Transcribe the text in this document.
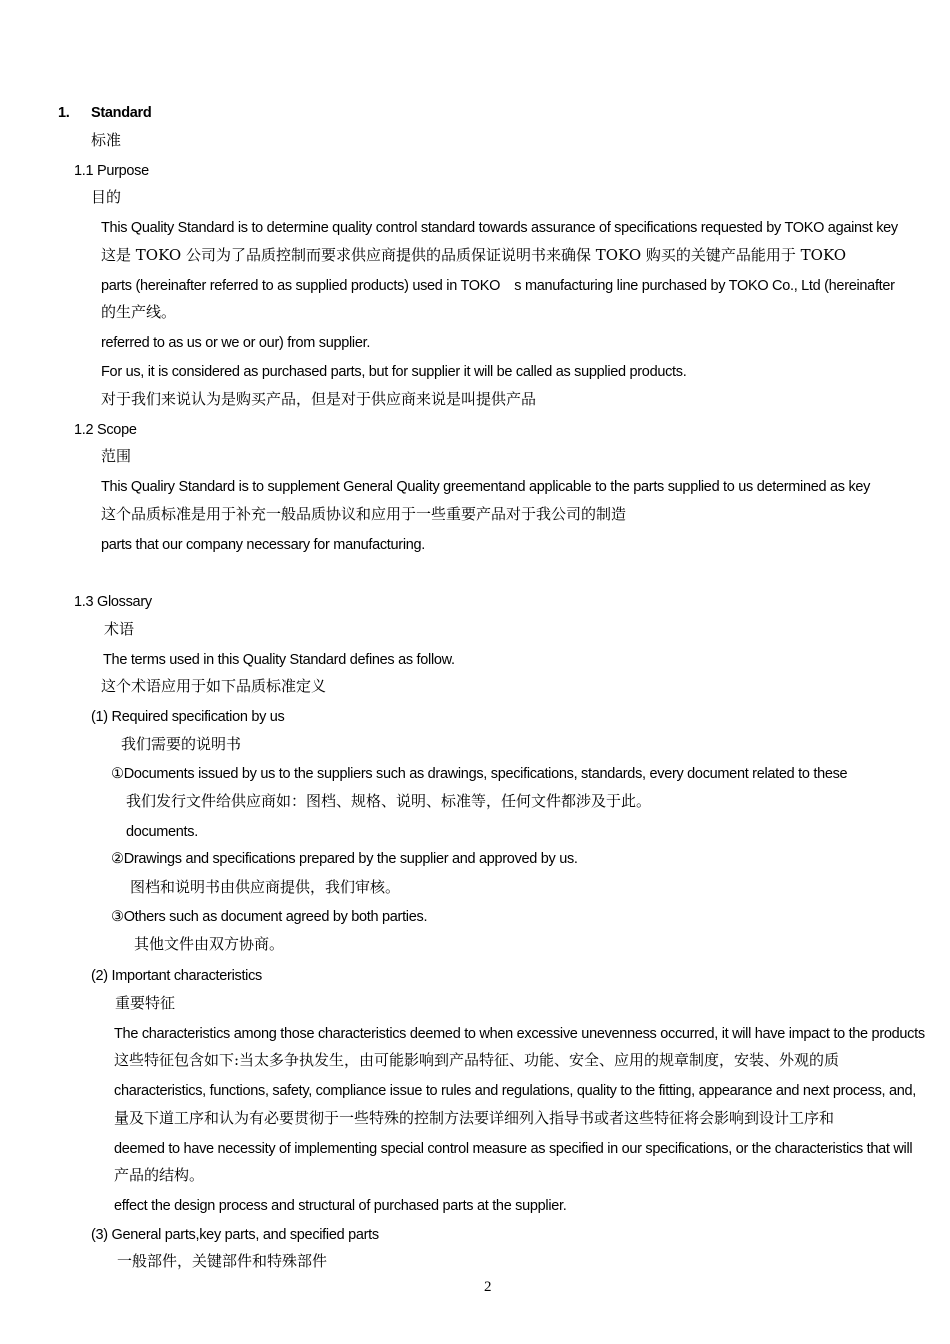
1. Standard
标准
1.1 Purpose
目的
This Quality Standard is to determine quality control standard towards assurance of specifications requested by TOKO against key
这是 TOKO 公司为了品质控制而要求供应商提供的品质保证说明书来确保 TOKO 购买的关键产品能用于 TOKO
parts (hereinafter referred to as supplied products) used in TOKO　s manufacturing line purchased by TOKO Co., Ltd (hereinafter
的生产线。
referred to as us or we or our) from supplier.
For us, it is considered as purchased parts, but for supplier it will be called as supplied products.
对于我们来说认为是购买产品，但是对于供应商来说是叫提供产品
1.2 Scope
范围
This Qualiry Standard is to supplement General Quality greementand applicable to the parts supplied to us determined as key
这个品质标准是用于补充一般品质协议和应用于一些重要产品对于我公司的制造
parts that our company necessary for manufacturing.
1.3 Glossary
术语
The terms used in this Quality Standard defines as follow.
这个术语应用于如下品质标准定义
(1) Required specification by us
我们需要的说明书
①Documents issued by us to the suppliers such as drawings, specifications, standards, every document related to these
我们发行文件给供应商如：图档、规格、说明、标准等，任何文件都涉及于此。
documents.
②Drawings and specifications prepared by the supplier and approved by us.
图档和说明书由供应商提供，我们审核。
③Others such as document agreed by both parties.
其他文件由双方协商。
(2) Important characteristics
重要特征
The characteristics among those characteristics deemed to when excessive unevenness occurred, it will have impact to the products
这些特征包含如下:当太多争执发生，由可能影响到产品特征、功能、安全、应用的规章制度，安装、外观的质
characteristics, functions, safety, compliance issue to rules and regulations, quality to the fitting, appearance and next process, and,
量及下道工序和认为有必要贯彻于一些特殊的控制方法要详细列入指导书或者这些特征将会影响到设计工序和
deemed to have necessity of implementing special control measure as specified in our specifications, or the characteristics that will
产品的结构。
effect the design process and structural of purchased parts at the supplier.
(3) General parts,key parts, and specified parts
一般部件，关键部件和特殊部件
2
